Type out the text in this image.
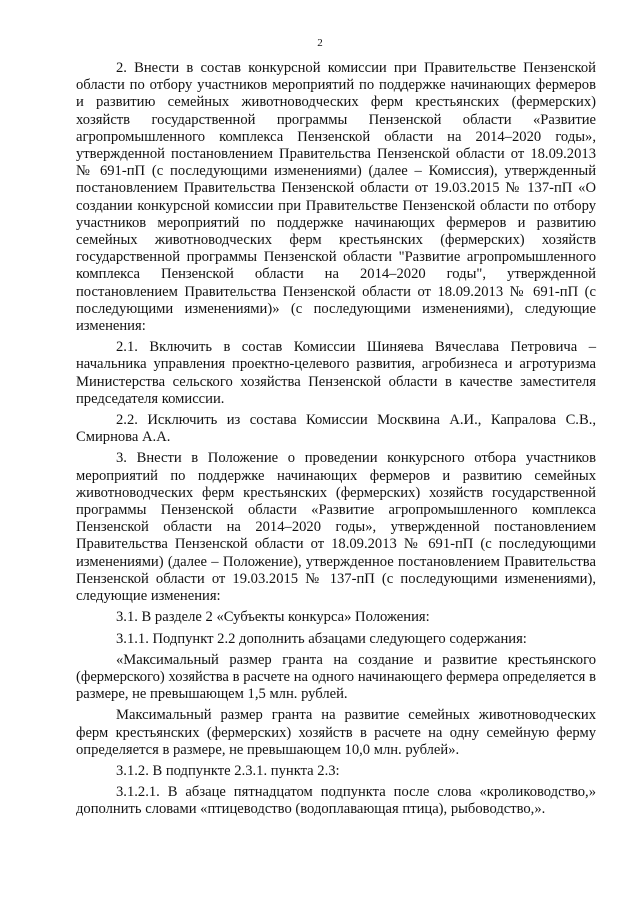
2

2. Внести в состав конкурсной комиссии при Правительстве Пензенской области по отбору участников мероприятий по поддержке начинающих фермеров и развитию семейных животноводческих ферм крестьянских (фермерских) хозяйств государственной программы Пензенской области «Развитие агропромышленного комплекса Пензенской области на 2014–2020 годы», утвержденной постановлением Правительства Пензенской области от 18.09.2013 № 691-пП (с последующими изменениями) (далее – Комиссия), утвержденный постановлением Правительства Пензенской области от 19.03.2015 № 137-пП «О создании конкурсной комиссии при Правительстве Пензенской области по отбору участников мероприятий по поддержке начинающих фермеров и развитию семейных животноводческих ферм крестьянских (фермерских) хозяйств государственной программы Пензенской области "Развитие агропромышленного комплекса Пензенской области на 2014–2020 годы", утвержденной постановлением Правительства Пензенской области от 18.09.2013 № 691-пП (с последующими изменениями)» (с последующими изменениями), следующие изменения:

2.1. Включить в состав Комиссии Шиняева Вячеслава Петровича – начальника управления проектно-целевого развития, агробизнеса и агротуризма Министерства сельского хозяйства Пензенской области в качестве заместителя председателя комиссии.

2.2. Исключить из состава Комиссии Москвина А.И., Капралова С.В., Смирнова А.А.

3. Внести в Положение о проведении конкурсного отбора участников мероприятий по поддержке начинающих фермеров и развитию семейных животноводческих ферм крестьянских (фермерских) хозяйств государственной программы Пензенской области «Развитие агропромышленного комплекса Пензенской области на 2014–2020 годы», утвержденной постановлением Правительства Пензенской области от 18.09.2013 № 691-пП (с последующими изменениями) (далее – Положение), утвержденное постановлением Правительства Пензенской области от 19.03.2015 № 137-пП (с последующими изменениями), следующие изменения:

3.1. В разделе 2 «Субъекты конкурса» Положения:

3.1.1. Подпункт 2.2 дополнить абзацами следующего содержания:

«Максимальный размер гранта на создание и развитие крестьянского (фермерского) хозяйства в расчете на одного начинающего фермера определяется в размере, не превышающем 1,5 млн. рублей.

Максимальный размер гранта на развитие семейных животноводческих ферм крестьянских (фермерских) хозяйств в расчете на одну семейную ферму определяется в размере, не превышающем 10,0 млн. рублей».

3.1.2. В подпункте 2.3.1. пункта 2.3:

3.1.2.1. В абзаце пятнадцатом подпункта после слова «кролиководство,» дополнить словами «птицеводство (водоплавающая птица), рыбоводство,».
